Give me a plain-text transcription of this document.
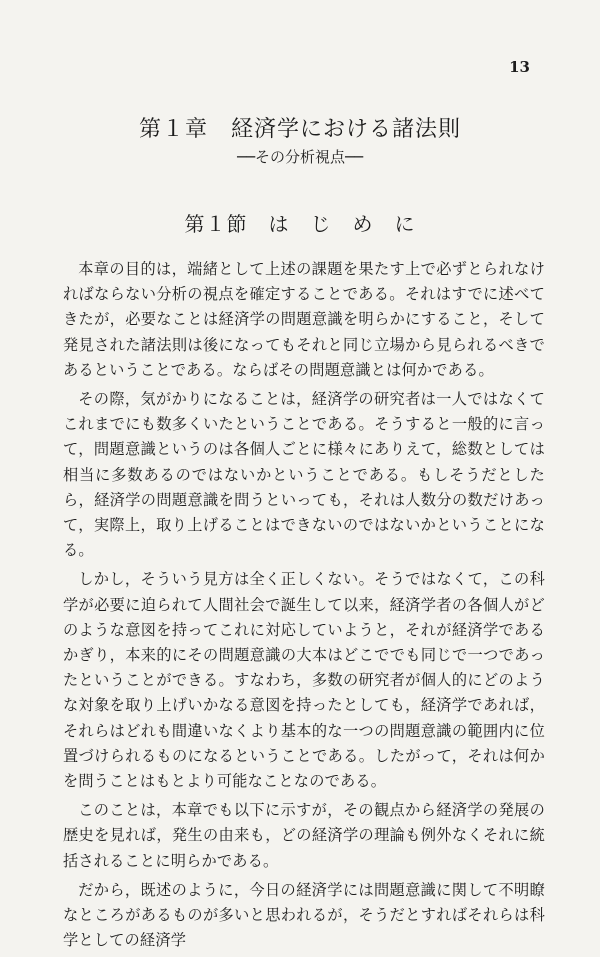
13
第１章　経済学における諸法則
──その分析視点──
第１節　は　じ　め　に

本章の目的は，端緒として上述の課題を果たす上で必ずとられなければならない分析の視点を確定することである。それはすでに述べてきたが，必要なことは経済学の問題意識を明らかにすること，そして発見された諸法則は後になってもそれと同じ立場から見られるべきであるということである。ならばその問題意識とは何かである。

その際，気がかりになることは，経済学の研究者は一人ではなくてこれまでにも数多くいたということである。そうすると一般的に言って，問題意識というのは各個人ごとに様々にありえて，総数としては相当に多数あるのではないかということである。もしそうだとしたら，経済学の問題意識を問うといっても，それは人数分の数だけあって，実際上，取り上げることはできないのではないかということになる。

しかし，そういう見方は全く正しくない。そうではなくて，この科学が必要に迫られて人間社会で誕生して以来，経済学者の各個人がどのような意図を持ってこれに対応していようと，それが経済学であるかぎり，本来的にその問題意識の大本はどこででも同じで一つであったということができる。すなわち，多数の研究者が個人的にどのような対象を取り上げいかなる意図を持ったとしても，経済学であれば，それらはどれも間違いなくより基本的な一つの問題意識の範囲内に位置づけられるものになるということである。したがって，それは何かを問うことはもとより可能なことなのである。

このことは，本章でも以下に示すが，その観点から経済学の発展の歴史を見れば，発生の由来も，どの経済学の理論も例外なくそれに統括されることに明らかである。

だから，既述のように，今日の経済学には問題意識に関して不明瞭なところがあるものが多いと思われるが，そうだとすればそれらは科学としての経済学
